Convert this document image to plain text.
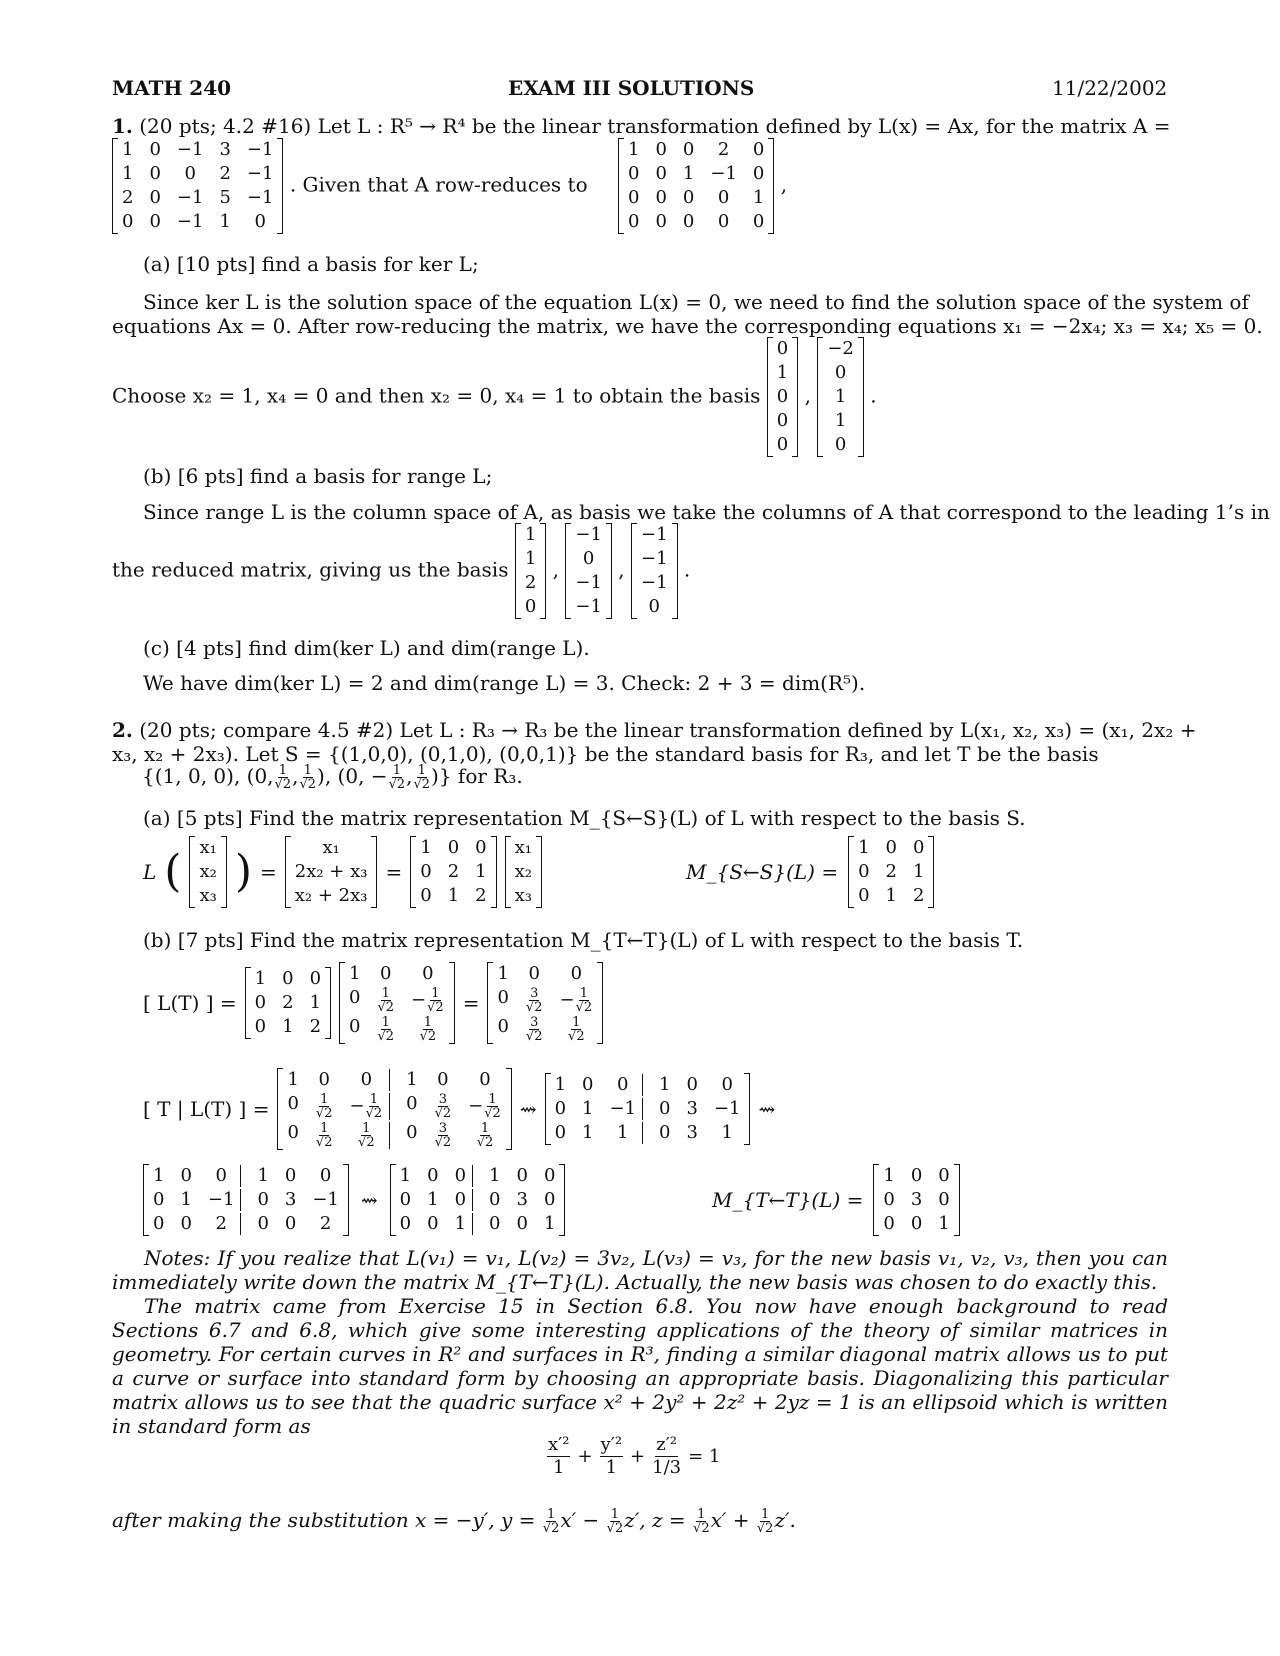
MATH 240	EXAM III SOLUTIONS	11/22/2002
1. (20 pts; 4.2 #16) Let L : R⁵ → R⁴ be the linear transformation defined by L(x) = Ax, for the matrix A =
1 0 −1 3 −1
1 0	0	2 −1
2 0 −1 5 −1
0 0 −1 1	0
. Given that A row-reduces to
1 0 0	2	0
0 0 1 −1 0
0 0 0	0	1
0 0 0	0	0
,
(a) [10 pts] find a basis for ker L;
Since ker L is the solution space of the equation L(x) = 0, we need to find the solution space of the system of
equations Ax = 0. After row-reducing the matrix, we have the corresponding equations x₁ = −2x₄; x₃ = x₄; x₅ = 0.
Choose x₂ = 1, x₄ = 0 and then x₂ = 0, x₄ = 1 to obtain the basis
0
1
0
0
0
,
−2
0
1
1
0
.
(b) [6 pts] find a basis for range L;
Since range L is the column space of A, as basis we take the columns of A that correspond to the leading 1’s in
the reduced matrix, giving us the basis
1
1
2
0
,
−1
0
−1
−1
,
−1
−1
−1
0
.
(c) [4 pts] find dim(ker L) and dim(range L).
We have dim(ker L) = 2 and dim(range L) = 3. Check: 2 + 3 = dim(R⁵).
2. (20 pts; compare 4.5 #2) Let L : R₃ → R₃ be the linear transformation defined by L(x₁, x₂, x₃) = (x₁, 2x₂ +
x₃, x₂ + 2x₃). Let S = {(1,0,0), (0,1,0), (0,0,1)} be the standard basis for R₃, and let T be the basis
{(1, 0, 0), (0, $\frac{1}{√2}$ , $\frac{1}{√2}$ ), (0, − $\frac{1}{√2}$ , $\frac{1}{√2}$ )} for R₃.
(a) [5 pts] Find the matrix representation M_{S←S}(L) of L with respect to the basis S.
L ( x₁
x₂
x₃ ) =
x₁
2x₂ + x₃
x₂ + 2x₃
=
1 0 0
0 2 1
0 1 2
x₁
x₂
x₃
M_{S←S}(L) =
1 0 0
0 2 1
0 1 2
(b) [7 pts] Find the matrix representation M_{T←T}(L) of L with respect to the basis T.
[ L(T) ] =
1 0 0
0 2 1
0 1 2
1 0	0
$0 \frac{1}{√2} - \frac{1}{√2}$
$0 \frac{1}{√2} \frac{1}{√2}$
=
1 0	0
$0 \frac{3}{√2} - \frac{1}{√2}$
$0 \frac{3}{√2} \frac{1}{√2}$
[ T | L(T) ] =
1 0	0	1 0	0
$0 \frac{1}{√2} - \frac{1}{√2} 0 \frac{3}{√2} - \frac{1}{√2}$
$0 \frac{1}{√2} \frac{1}{√2} 0 \frac{3}{√2} \frac{1}{√2}$
⇝
1 0	0	1 0	0
0 1 −1	0 3 −1
0 1	1	0 3	1
⇝
1 0	0	1 0	0
0 1 −1	0 3 −1
0 0	2	0 0	2
⇝
1 0 0	1 0 0
0 1 0	0 3 0
0 0 1	0 0 1
M_{T←T}(L) =
1 0 0
0 3 0
0 0 1
Notes: If you realize that L(v₁) = v₁, L(v₂) = 3v₂, L(v₃) = v₃, for the new basis v₁, v₂, v₃, then you can immediately write down the matrix M_{T←T}(L). Actually, the new basis was chosen to do exactly this.
The matrix came from Exercise 15 in Section 6.8. You now have enough background to read Sections 6.7 and 6.8, which give some interesting applications of the theory of similar matrices in geometry. For certain curves in R² and surfaces in R³, finding a similar diagonal matrix allows us to put a curve or surface into standard form by choosing an appropriate basis. Diagonalizing this particular matrix allows us to see that the quadric surface x² + 2y² + 2z² + 2yz = 1 is an ellipsoid which is written in standard form as
$\frac{\text{x′²}}{1} + \frac{\text{y′²}}{1} + \frac{\text{z′²}}{1/3} = 1$
after making the substitution x = −y′, $y = \frac{1}{√2} x' - \frac{1}{√2} z'$, $z = \frac{1}{√2} x' + \frac{1}{√2} z'$.
